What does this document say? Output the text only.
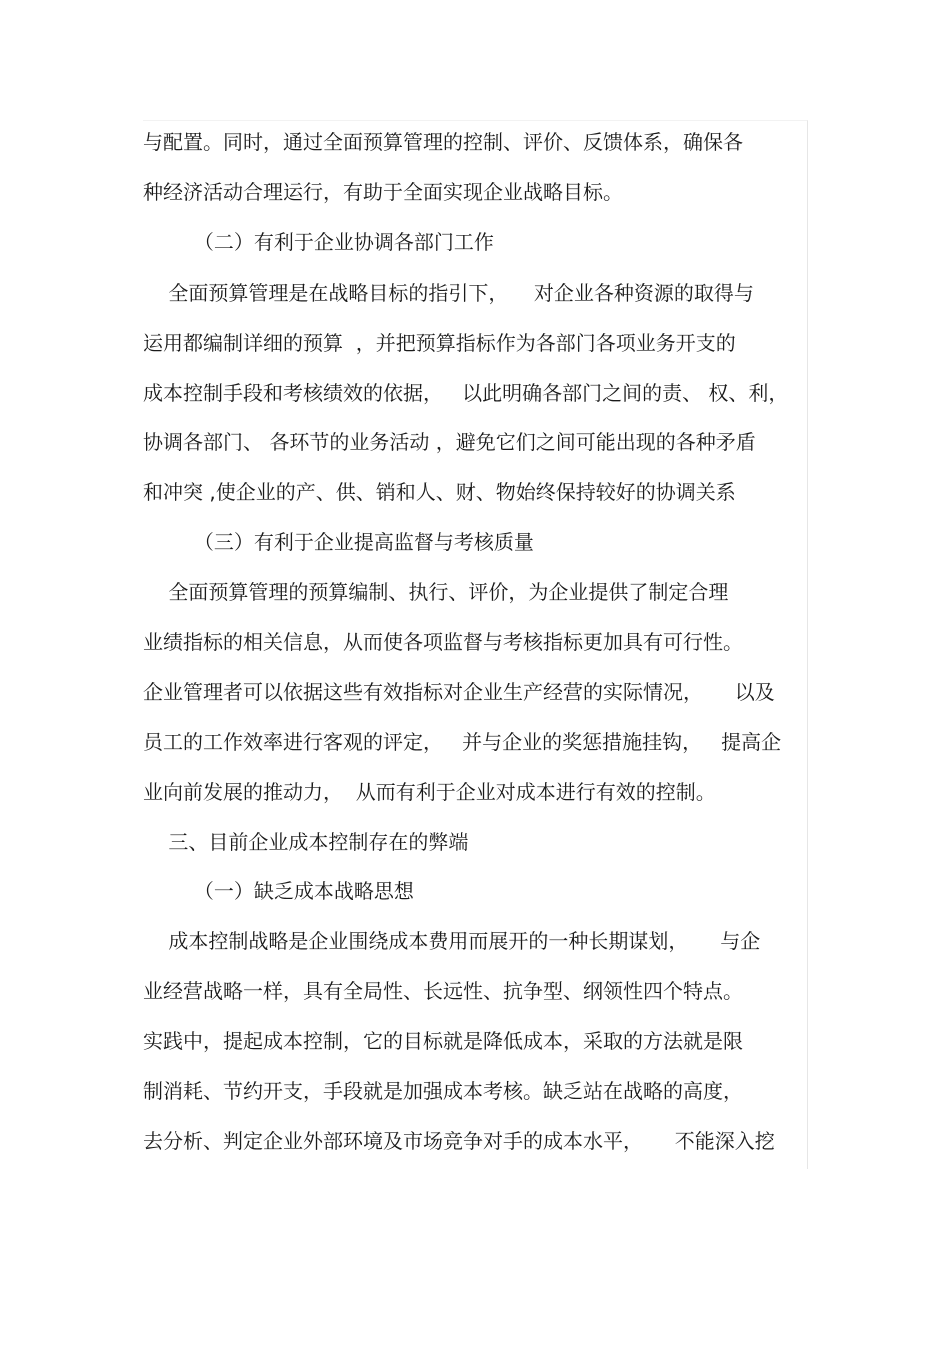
与配置。同时，通过全面预算管理的控制、评价、反馈体系，确保各
种经济活动合理运行，有助于全面实现企业战略目标。
（二）有利于企业协调各部门工作
全面预算管理是在战略目标的指引下，    对企业各种资源的取得与
运用都编制详细的预算  ，并把预算指标作为各部门各项业务开支的
成本控制手段和考核绩效的依据，   以此明确各部门之间的责、 权、利，
协调各部门、 各环节的业务活动 ，避免它们之间可能出现的各种矛盾
和冲突 ,使企业的产、供、销和人、财、物始终保持较好的协调关系
（三）有利于企业提高监督与考核质量
全面预算管理的预算编制、执行、评价，为企业提供了制定合理
业绩指标的相关信息，从而使各项监督与考核指标更加具有可行性。
企业管理者可以依据这些有效指标对企业生产经营的实际情况，     以及
员工的工作效率进行客观的评定，   并与企业的奖惩措施挂钩，   提高企
业向前发展的推动力，  从而有利于企业对成本进行有效的控制。
三、目前企业成本控制存在的弊端
（一）缺乏成本战略思想
成本控制战略是企业围绕成本费用而展开的一种长期谋划，     与企
业经营战略一样，具有全局性、长远性、抗争型、纲领性四个特点。
实践中，提起成本控制，它的目标就是降低成本，采取的方法就是限
制消耗、节约开支，手段就是加强成本考核。缺乏站在战略的高度，
去分析、判定企业外部环境及市场竞争对手的成本水平，     不能深入挖
